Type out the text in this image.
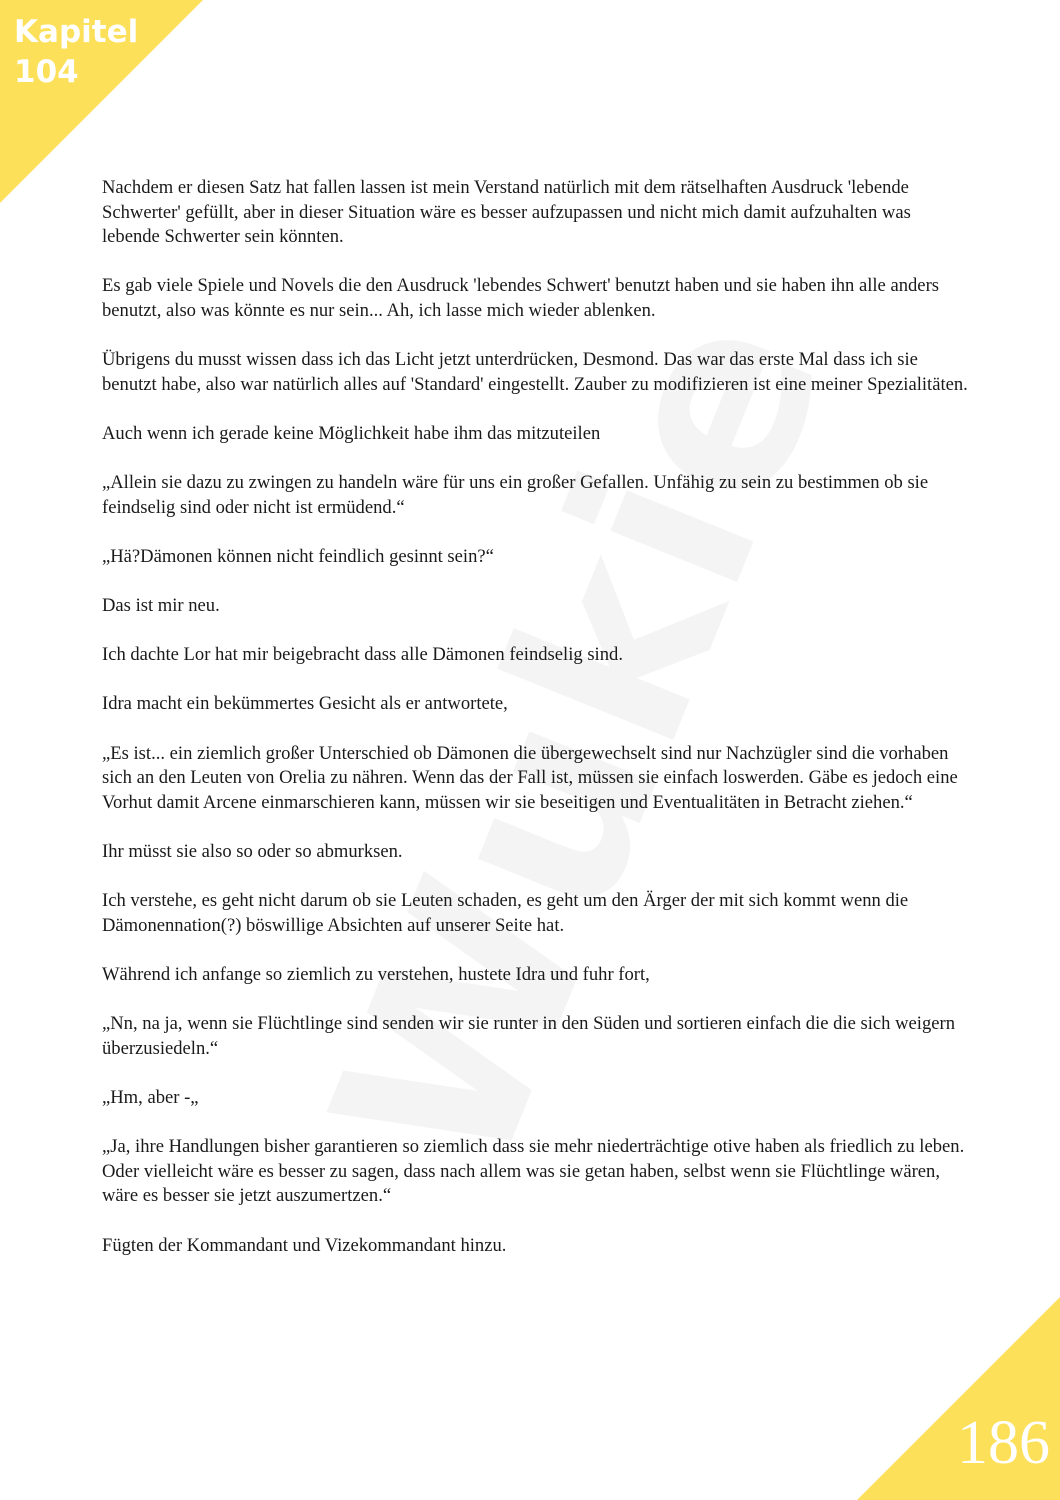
Kapitel
104

Nachdem er diesen Satz hat fallen lassen ist mein Verstand natürlich mit dem rätselhaften Ausdruck 'lebende Schwerter' gefüllt, aber in dieser Situation wäre es besser aufzupassen und nicht mich damit aufzuhalten was lebende Schwerter sein könnten.

Es gab viele Spiele und Novels die den Ausdruck 'lebendes Schwert' benutzt haben und sie haben ihn alle anders benutzt, also was könnte es nur sein... Ah, ich lasse mich wieder ablenken.

Übrigens du musst wissen dass ich das Licht jetzt unterdrücken, Desmond. Das war das erste Mal dass ich sie benutzt habe, also war natürlich alles auf 'Standard' eingestellt. Zauber zu modifizieren ist eine meiner Spezialitäten.

Auch wenn ich gerade keine Möglichkeit habe ihm das mitzuteilen

„Allein sie dazu zu zwingen zu handeln wäre für uns ein großer Gefallen. Unfähig zu sein zu bestimmen ob sie feindselig sind oder nicht ist ermüdend.“

„Hä?Dämonen können nicht feindlich gesinnt sein?“

Das ist mir neu.

Ich dachte Lor hat mir beigebracht dass alle Dämonen feindselig sind.

Idra macht ein bekümmertes Gesicht als er antwortete,

„Es ist... ein ziemlich großer Unterschied ob Dämonen die übergewechselt sind nur Nachzügler sind die vorhaben sich an den Leuten von Orelia zu nähren. Wenn das der Fall ist, müssen sie einfach loswerden. Gäbe es jedoch eine Vorhut damit Arcene einmarschieren kann, müssen wir sie beseitigen und Eventualitäten in Betracht ziehen.“

Ihr müsst sie also so oder so abmurksen.

Ich verstehe, es geht nicht darum ob sie Leuten schaden, es geht um den Ärger der mit sich kommt wenn die Dämonennation(?) böswillige Absichten auf unserer Seite hat.

Während ich anfange so ziemlich zu verstehen, hustete Idra und fuhr fort,

„Nn, na ja, wenn sie Flüchtlinge sind senden wir sie runter in den Süden und sortieren einfach die die sich weigern überzusiedeln.“

„Hm, aber -„

„Ja, ihre Handlungen bisher garantieren so ziemlich dass sie mehr niederträchtige otive haben als friedlich zu leben. Oder vielleicht wäre es besser zu sagen, dass nach allem was sie getan haben, selbst wenn sie Flüchtlinge wären, wäre es besser sie jetzt auszumertzen.“

Fügten der Kommandant und Vizekommandant hinzu.

186
